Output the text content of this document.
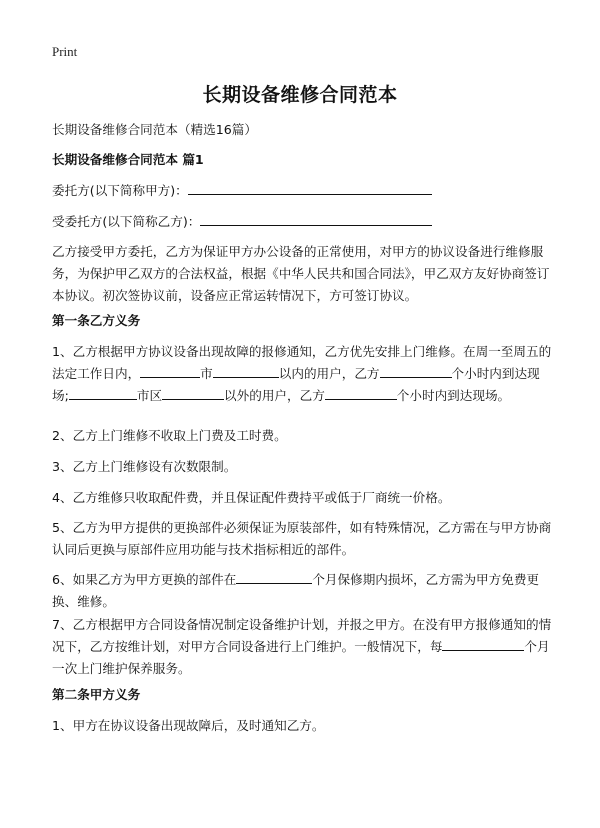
Print
长期设备维修合同范本

长期设备维修合同范本（精选16篇）

长期设备维修合同范本 篇1

委托方(以下简称甲方)：

受委托方(以下简称乙方)：

乙方接受甲方委托，乙方为保证甲方办公设备的正常使用，对甲方的协议设备进行维修服务，为保护甲乙双方的合法权益，根据《中华人民共和国合同法》，甲乙双方友好协商签订本协议。初次签协议前，设备应正常运转情况下，方可签订协议。

第一条乙方义务

1、乙方根据甲方协议设备出现故障的报修通知，乙方优先安排上门维修。在周一至周五的法定工作日内，	市	以内的用户，乙方	个小时内到达现场;	市区	以外的用户，乙方	个小时内到达现场。

2、乙方上门维修不收取上门费及工时费。

3、乙方上门维修设有次数限制。

4、乙方维修只收取配件费，并且保证配件费持平或低于厂商统一价格。

5、乙方为甲方提供的更换部件必须保证为原装部件，如有特殊情况，乙方需在与甲方协商认同后更换与原部件应用功能与技术指标相近的部件。

6、如果乙方为甲方更换的部件在	个月保修期内损坏，乙方需为甲方免费更换、维修。

7、乙方根据甲方合同设备情况制定设备维护计划，并报之甲方。在没有甲方报修通知的情况下，乙方按维计划，对甲方合同设备进行上门维护。一般情况下，每	个月一次上门维护保养服务。

第二条甲方义务

1、甲方在协议设备出现故障后，及时通知乙方。
